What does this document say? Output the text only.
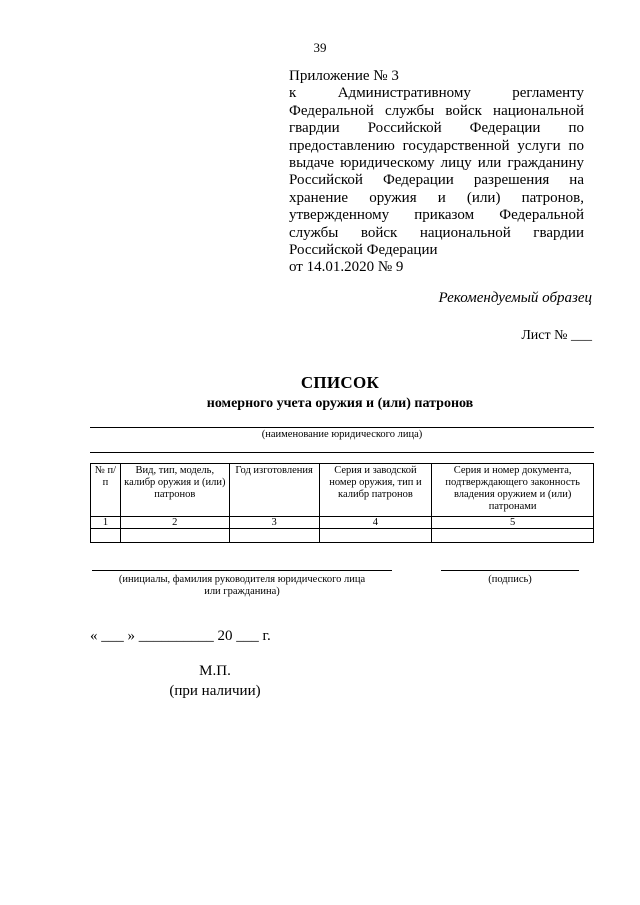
39
Приложение № 3
к Административному регламенту
Федеральной службы войск национальной
гвардии Российской Федерации по
предоставлению государственной услуги по
выдаче юридическому лицу или гражданину
Российской Федерации разрешения на
хранение оружия и (или) патронов,
утвержденному приказом Федеральной
службы войск национальной гвардии
Российской Федерации
от 14.01.2020 № 9
Рекомендуемый образец
Лист № ___
СПИСОК
номерного учета оружия и (или) патронов
(наименование юридического лица)
№ п/п	Вид, тип, модель, калибр оружия и (или) патронов	Год изготовления	Серия и заводской номер оружия, тип и калибр патронов	Серия и номер документа, подтверждающего законность владения оружием и (или) патронами
1	2	3	4	5

(инициалы, фамилия руководителя юридического лица
или гражданина)
(подпись)
« ___ » __________ 20 ___ г.
М.П.
(при наличии)
